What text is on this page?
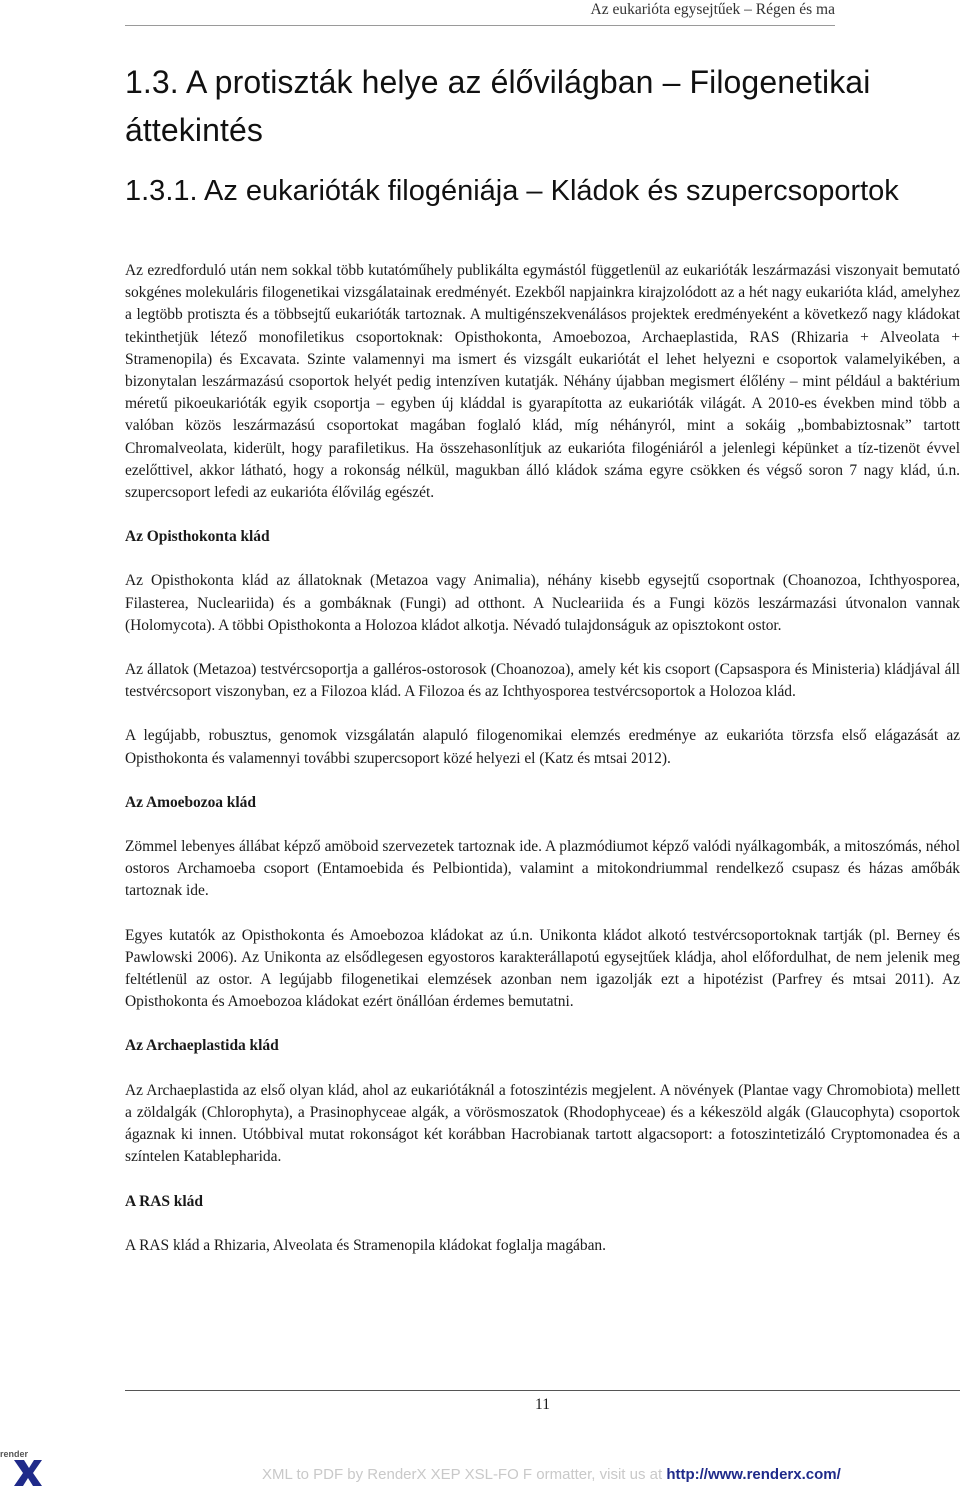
Az eukarióta egysejtűek – Régen és ma
1.3. A protiszták helye az élővilágban – Filogenetikai áttekintés
1.3.1. Az eukarióták filogéniája – Kládok és szupercsoportok

Az ezredforduló után nem sokkal több kutatóműhely publikálta egymástól függetlenül az eukarióták leszármazási viszonyait bemutató sokgénes molekuláris filogenetikai vizsgálatainak eredményét. Ezekből napjainkra kirajzolódott az a hét nagy eukarióta klád, amelyhez a legtöbb protiszta és a többsejtű eukarióták tartoznak. A multigénszekvenálásos projektek eredményeként a következő nagy kládokat tekinthetjük létező monofiletikus csoportoknak: Opisthokonta, Amoebozoa, Archaeplastida, RAS (Rhizaria + Alveolata + Stramenopila) és Excavata. Szinte valamennyi ma ismert és vizsgált eukariótát el lehet helyezni e csoportok valamelyikében, a bizonytalan leszármazású csoportok helyét pedig intenzíven kutatják. Néhány újabban megismert élőlény – mint például a baktérium méretű pikoeukarióták egyik csoportja – egyben új kláddal is gyarapította az eukarióták világát. A 2010-es években mind több a valóban közös leszármazású csoportokat magában foglaló klád, míg néhányról, mint a sokáig „bombabiztosnak” tartott Chromalveolata, kiderült, hogy parafiletikus. Ha összehasonlítjuk az eukarióta filogéniáról a jelenlegi képünket a tíz-tizenöt évvel ezelőttivel, akkor látható, hogy a rokonság nélkül, magukban álló kládok száma egyre csökken és végső soron 7 nagy klád, ú.n. szupercsoport lefedi az eukarióta élővilág egészét.

Az Opisthokonta klád

Az Opisthokonta klád az állatoknak (Metazoa vagy Animalia), néhány kisebb egysejtű csoportnak (Choanozoa, Ichthyosporea, Filasterea, Nucleariida) és a gombáknak (Fungi) ad otthont. A Nucleariida és a Fungi közös leszármazási útvonalon vannak (Holomycota). A többi Opisthokonta a Holozoa kládot alkotja. Névadó tulajdonságuk az opisztokont ostor.

Az állatok (Metazoa) testvércsoportja a galléros-ostorosok (Choanozoa), amely két kis csoport (Capsaspora és Ministeria) kládjával áll testvércsoport viszonyban, ez a Filozoa klád. A Filozoa és az Ichthyosporea testvércsoportok a Holozoa klád.

A legújabb, robusztus, genomok vizsgálatán alapuló filogenomikai elemzés eredménye az eukarióta törzsfa első elágazását az Opisthokonta és valamennyi további szupercsoport közé helyezi el (Katz és mtsai 2012).

Az Amoebozoa klád

Zömmel lebenyes állábat képző amöboid szervezetek tartoznak ide. A plazmódiumot képző valódi nyálkagombák, a mitoszómás, néhol ostoros Archamoeba csoport (Entamoebida és Pelbiontida), valamint a mitokondriummal rendelkező csupasz és házas amőbák tartoznak ide.

Egyes kutatók az Opisthokonta és Amoebozoa kládokat az ú.n. Unikonta kládot alkotó testvércsoportoknak tartják (pl. Berney és Pawlowski 2006). Az Unikonta az elsődlegesen egyostoros karakterállapotú egysejtűek kládja, ahol előfordulhat, de nem jelenik meg feltétlenül az ostor. A legújabb filogenetikai elemzések azonban nem igazolják ezt a hipotézist (Parfrey és mtsai 2011). Az Opisthokonta és Amoebozoa kládokat ezért önállóan érdemes bemutatni.

Az Archaeplastida klád

Az Archaeplastida az első olyan klád, ahol az eukariótáknál a fotoszintézis megjelent. A növények (Plantae vagy Chromobiota) mellett a zöldalgák (Chlorophyta), a Prasinophyceae algák, a vörösmoszatok (Rhodophyceae) és a kékeszöld algák (Glaucophyta) csoportok ágaznak ki innen. Utóbbival mutat rokonságot két korábban Hacrobianak tartott algacsoport: a fotoszintetizáló Cryptomonadea és a színtelen Katablepharida.

A RAS klád

A RAS klád a Rhizaria, Alveolata és Stramenopila kládokat foglalja magában.

11
render
XML to PDF by RenderX XEP XSL-FO F ormatter, visit us at http://www.renderx.com/
